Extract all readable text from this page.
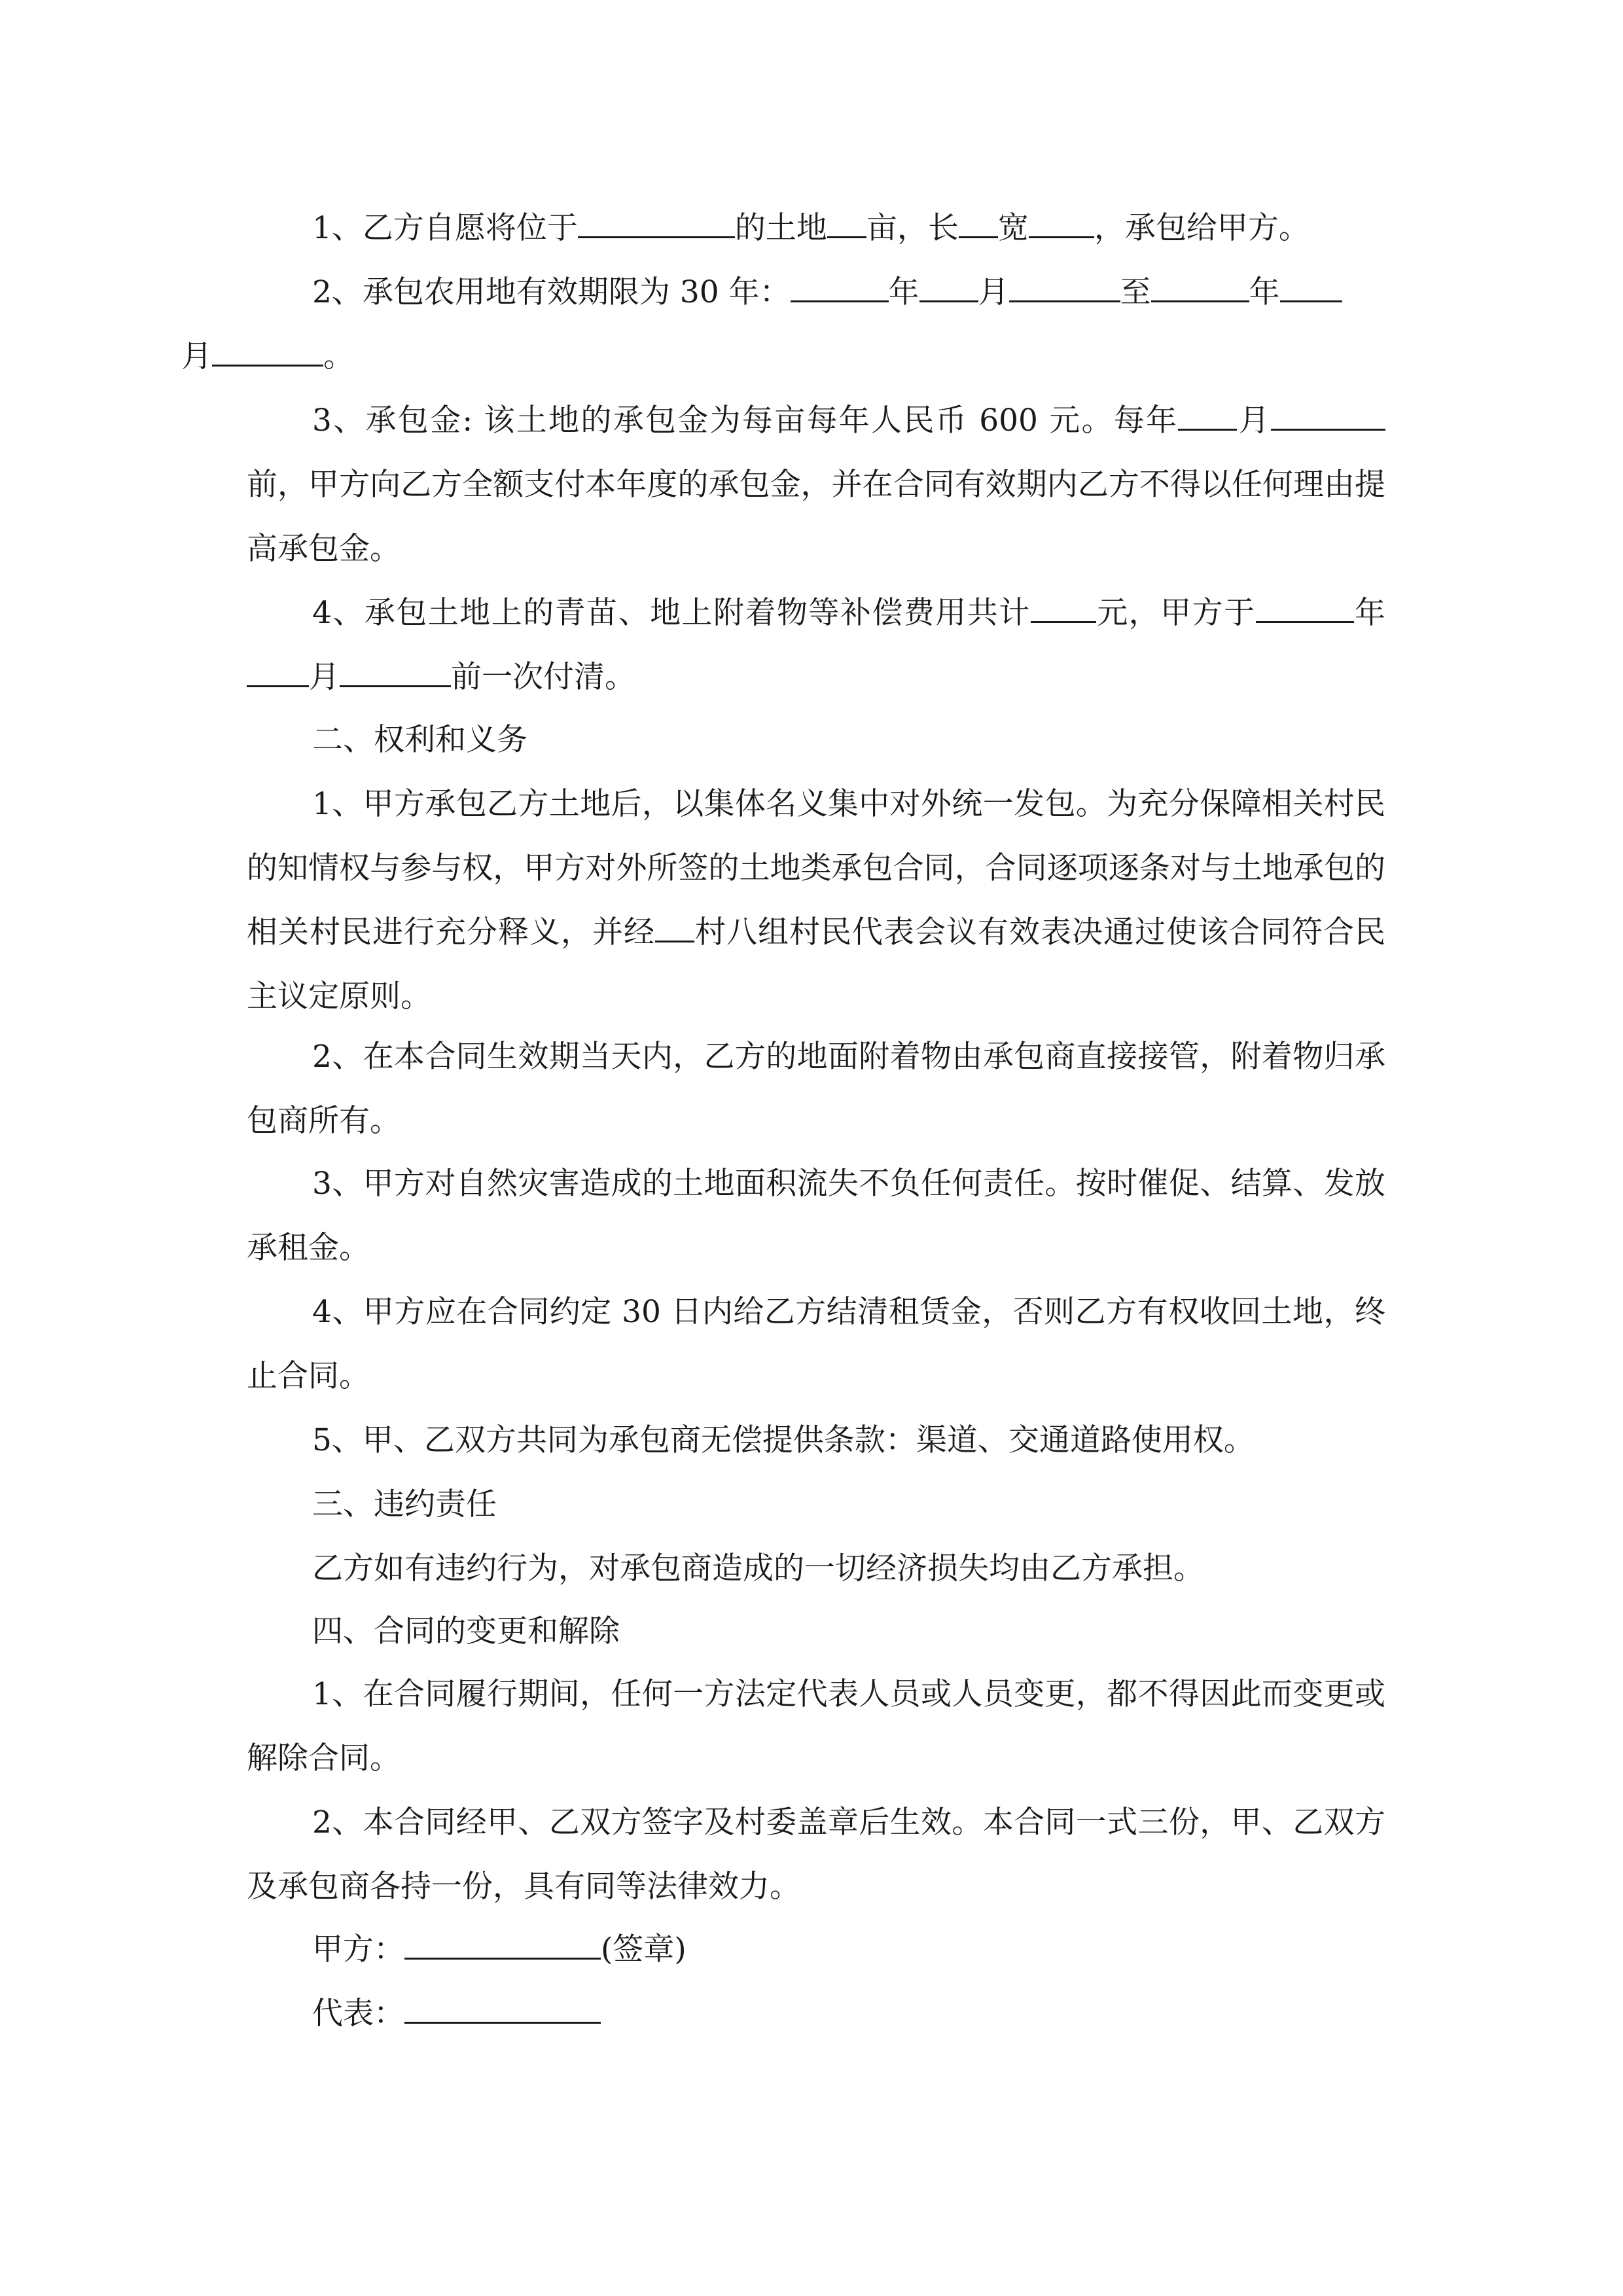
1、乙方自愿将位于	的土地 亩，长 宽 ，承包给甲方。

2、承包农用地有效期限为 30 年：	年 月	至	年
月	。

3、承包金: 该土地的承包金为每亩每年人民币 600 元。每年 月前，甲方向乙方全额支付本年度的承包金，并在合同有效期内乙方不得以任何理由提高承包金。

4、承包土地上的青苗、地上附着物等补偿费用共计 元，甲方于	年月	前一次付清。

二、权利和义务

1、甲方承包乙方土地后，以集体名义集中对外统一发包。为充分保障相关村民的知情权与参与权，甲方对外所签的土地类承包合同，合同逐项逐条对与土地承包的相关村民进行充分释义，并经 村八组村民代表会议有效表决通过使该合同符合民主议定原则。

2、在本合同生效期当天内，乙方的地面附着物由承包商直接接管，附着物归承包商所有。

3、甲方对自然灾害造成的土地面积流失不负任何责任。按时催促、结算、发放承租金。

4、甲方应在合同约定 30 日内给乙方结清租赁金，否则乙方有权收回土地，终止合同。

5、甲、乙双方共同为承包商无偿提供条款：渠道、交通道路使用权。

三、违约责任

乙方如有违约行为，对承包商造成的一切经济损失均由乙方承担。

四、合同的变更和解除

1、在合同履行期间，任何一方法定代表人员或人员变更，都不得因此而变更或解除合同。

2、本合同经甲、乙双方签字及村委盖章后生效。本合同一式三份，甲、乙双方及承包商各持一份，具有同等法律效力。

甲方：	(签章)

代表：
